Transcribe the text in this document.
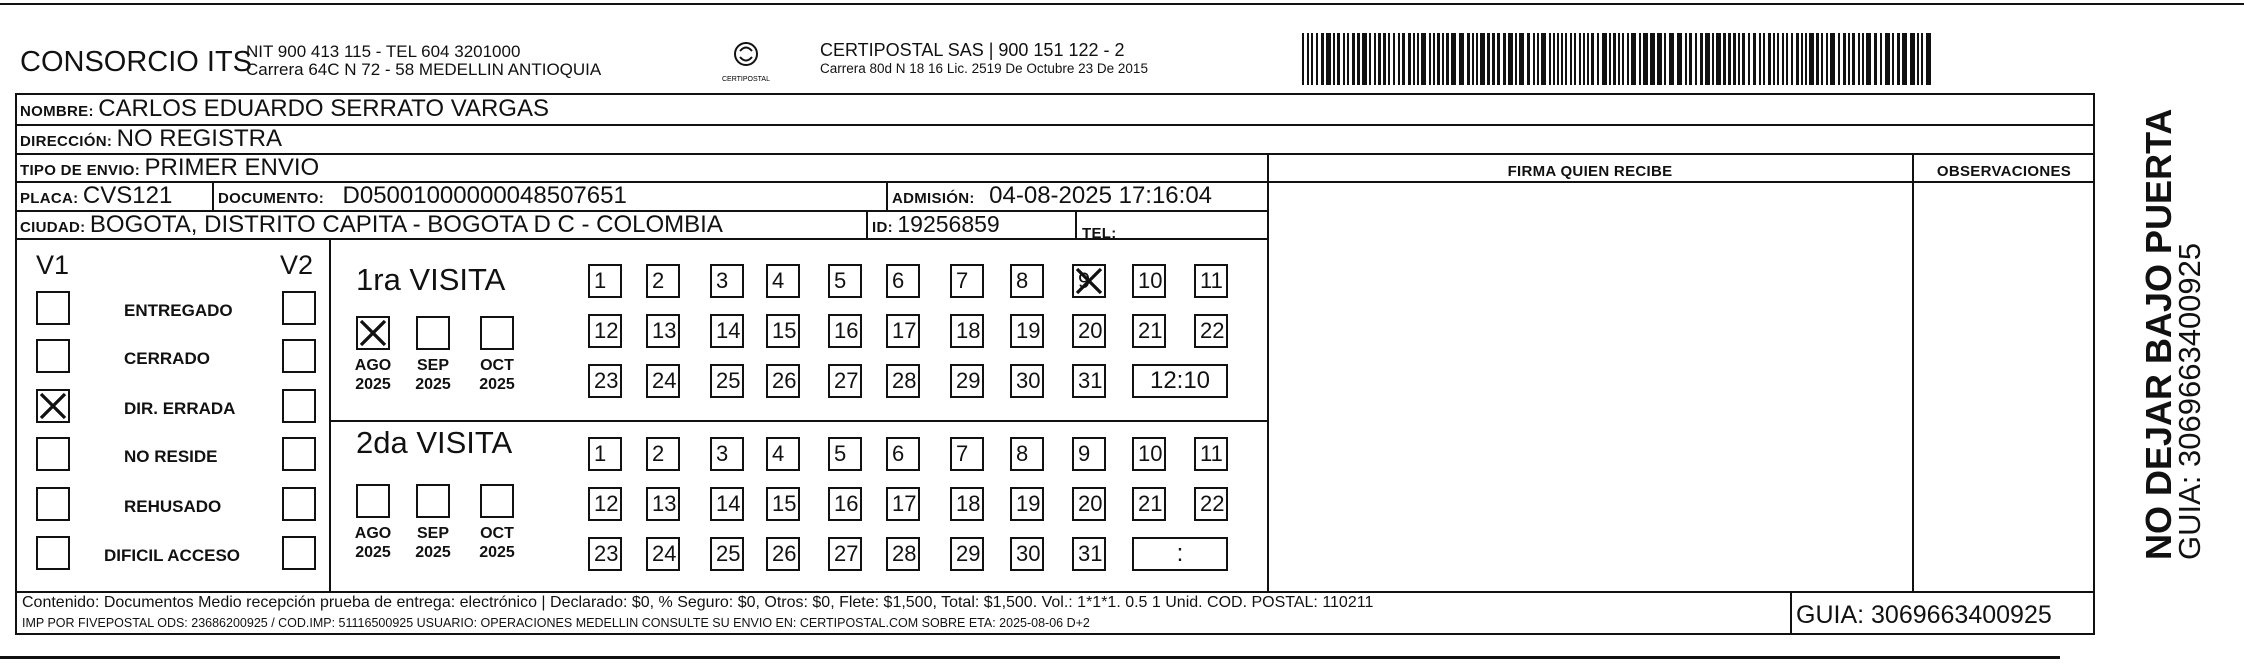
CONSORCIO ITS
NIT 900 413 115 - TEL 604 3201000
Carrera 64C N 72 - 58 MEDELLIN ANTIOQUIA
CERTIPOSTAL
CERTIPOSTAL SAS | 900 151 122 - 2
Carrera 80d N 18 16 Lic. 2519 De Octubre 23 De 2015
NOMBRE: CARLOS EDUARDO SERRATO VARGAS
DIRECCIÓN: NO REGISTRA
TIPO DE ENVIO: PRIMER ENVIO	FIRMA QUIEN RECIBE	OBSERVACIONES
PLACA: CVS121	DOCUMENTO: D05001000000048507651	ADMISIÓN: 04-08-2025 17:16:04
CIUDAD: BOGOTA, DISTRITO CAPITA - BOGOTA D C - COLOMBIA	ID: 19256859	TEL:
V1	V2 1ra VISITA
2da VISITA
Contenido: Documentos Medio recepción prueba de entrega: electrónico | Declarado: $0, % Seguro: $0, Otros: $0, Flete: $1,500, Total: $1,500. Vol.: 1*1*1. 0.5 1 Unid. COD. POSTAL: 110211
IMP POR FIVEPOSTAL ODS: 23686200925 / COD.IMP: 51116500925 USUARIO: OPERACIONES MEDELLIN CONSULTE SU ENVIO EN: CERTIPOSTAL.COM SOBRE ETA: 2025-08-06 D+2	GUIA: 3069663400925
NO DEJAR BAJO PUERTA
GUIA: 3069663400925
ENTREGADO
CERRADO
DIR. ERRADA
NO RESIDE
REHUSADO
DIFICIL ACCESO
AGO
2025
SEP
2025
OCT
2025
AGO
2025
SEP
2025
OCT
2025
1	2	3	4	5	6	7	8	9	10 11
12 13 14 15 16 17 18 19 20 21 22
23 24 25 26 27 28 29 30 31	12:10
1	2	3	4	5	6	7	8	9	10 11
12 13 14 15 16 17 18 19 20 21 22
23 24 25 26 27 28 29 30 31	:
